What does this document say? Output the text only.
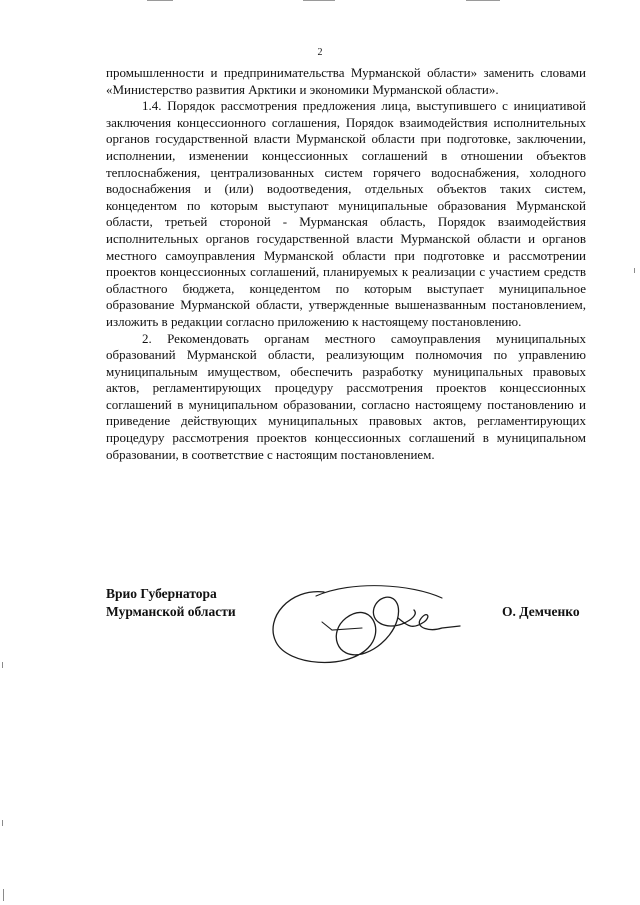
2

промышленности и предпринимательства Мурманской области» заменить словами «Министерство развития Арктики и экономики Мурманской области».

1.4. Порядок рассмотрения предложения лица, выступившего с инициативой заключения концессионного соглашения, Порядок взаимодействия исполнительных органов государственной власти Мурманской области при подготовке, заключении, исполнении, изменении концессионных соглашений в отношении объектов теплоснабжения, централизованных систем горячего водоснабжения, холодного водоснабжения и (или) водоотведения, отдельных объектов таких систем, концедентом по которым выступают муниципальные образования Мурманской области, третьей стороной - Мурманская область, Порядок взаимодействия исполнительных органов государственной власти Мурманской области и органов местного самоуправления Мурманской области при подготовке и рассмотрении проектов концессионных соглашений, планируемых к реализации с участием средств областного бюджета, концедентом по которым выступает муниципальное образование Мурманской области, утвержденные вышеназванным постановлением, изложить в редакции согласно приложению к настоящему постановлению.

2. Рекомендовать органам местного самоуправления муниципальных образований Мурманской области, реализующим полномочия по управлению муниципальным имуществом, обеспечить разработку муниципальных правовых актов, регламентирующих процедуру рассмотрения проектов концессионных соглашений в муниципальном образовании, согласно настоящему постановлению и приведение действующих муниципальных правовых актов, регламентирующих процедуру рассмотрения проектов концессионных соглашений в муниципальном образовании, в соответствие с настоящим постановлением.

Врио Губернатора
Мурманской области	О. Демченко
